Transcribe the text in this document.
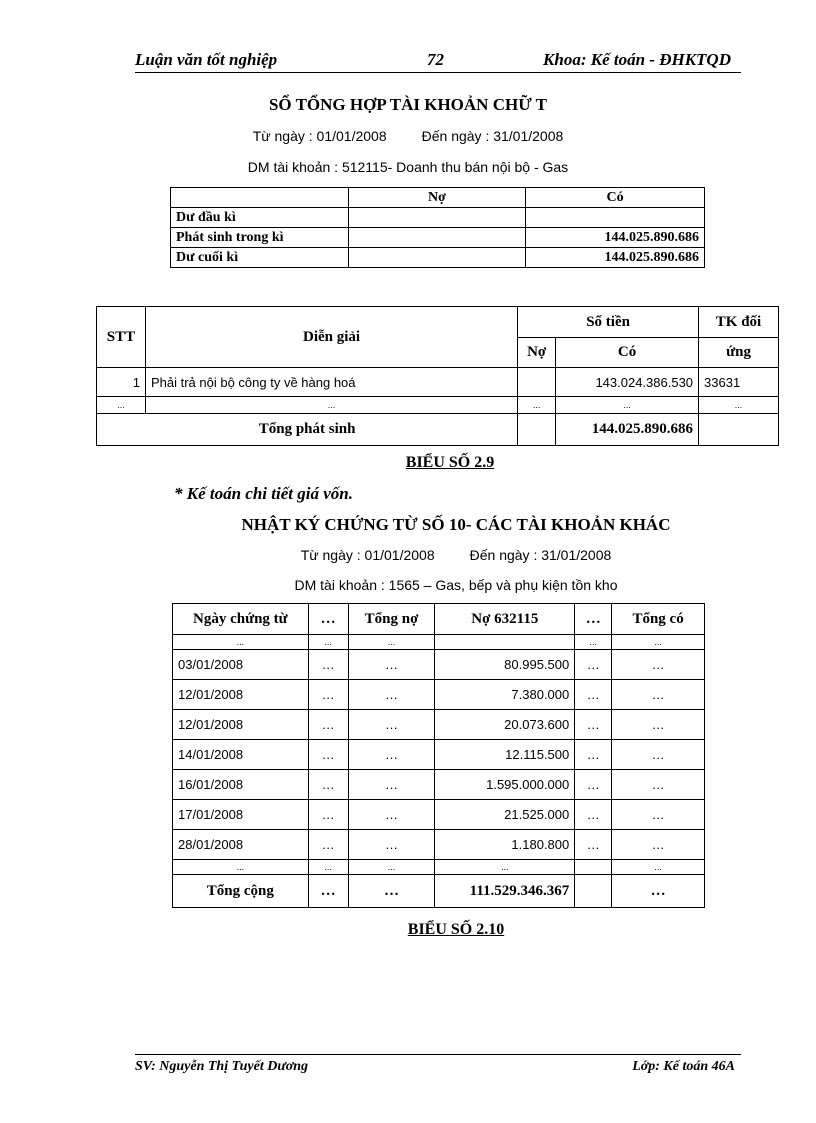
Luận văn tốt nghiệp	72	Khoa: Kế toán - ĐHKTQD
SỔ TỔNG HỢP TÀI KHOẢN CHỮ T
Từ ngày : 01/01/2008         Đến ngày : 31/01/2008
DM tài khoản : 512115- Doanh thu bán nội bộ - Gas
	Nợ	Có
Dư đầu kì		
Phát sinh trong kì		144.025.890.686
Dư cuối kì		144.025.890.686
STT	Diễn giải	Số tiền		TK đối
		Nợ	Có	ứng
1	Phải trả nội bộ công ty về hàng hoá		143.024.386.530	33631
...	...	...	...	...
Tổng phát sinh			144.025.890.686	
BIỂU SỐ 2.9
* Kế toán chi tiết giá vốn.
NHẬT KÝ CHỨNG TỪ SỐ 10- CÁC TÀI KHOẢN KHÁC
Từ ngày : 01/01/2008         Đến ngày : 31/01/2008
DM tài khoản : 1565 – Gas, bếp và phụ kiện tồn kho
Ngày chứng từ	…	Tổng nợ	Nợ 632115	…	Tổng có
...	...	...		...	...
03/01/2008	…	…	80.995.500	…	…
12/01/2008	…	…	7.380.000	…	…
12/01/2008	…	…	20.073.600	…	…
14/01/2008	…	…	12.115.500	…	…
16/01/2008	…	…	1.595.000.000	…	…
17/01/2008	…	…	21.525.000	…	…
28/01/2008	…	…	1.180.800	…	…
...	...	...	...		...
Tổng cộng	…	…	111.529.346.367		…
BIỂU SỐ 2.10
SV: Nguyễn Thị Tuyết Dương	Lớp: Kế toán 46A
